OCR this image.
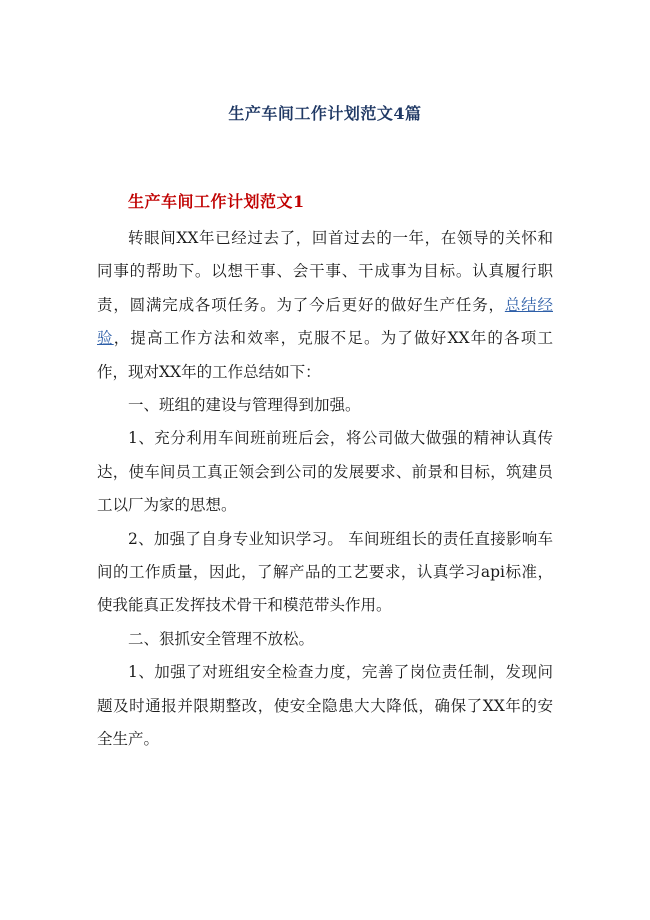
生产车间工作计划范文4篇
生产车间工作计划范文1

转眼间XX年已经过去了，回首过去的一年，在领导的关怀和同事的帮助下。以想干事、会干事、干成事为目标。认真履行职责，圆满完成各项任务。为了今后更好的做好生产任务，总结经验，提高工作方法和效率，克服不足。为了做好XX年的各项工作，现对XX年的工作总结如下：

一、班组的建设与管理得到加强。

1、充分利用车间班前班后会，将公司做大做强的精神认真传达，使车间员工真正领会到公司的发展要求、前景和目标，筑建员工以厂为家的思想。

2、加强了自身专业知识学习。 车间班组长的责任直接影响车间的工作质量，因此，了解产品的工艺要求，认真学习api标准，使我能真正发挥技术骨干和模范带头作用。

二、狠抓安全管理不放松。

1、加强了对班组安全检查力度，完善了岗位责任制，发现问题及时通报并限期整改，使安全隐患大大降低，确保了XX年的安全生产。
